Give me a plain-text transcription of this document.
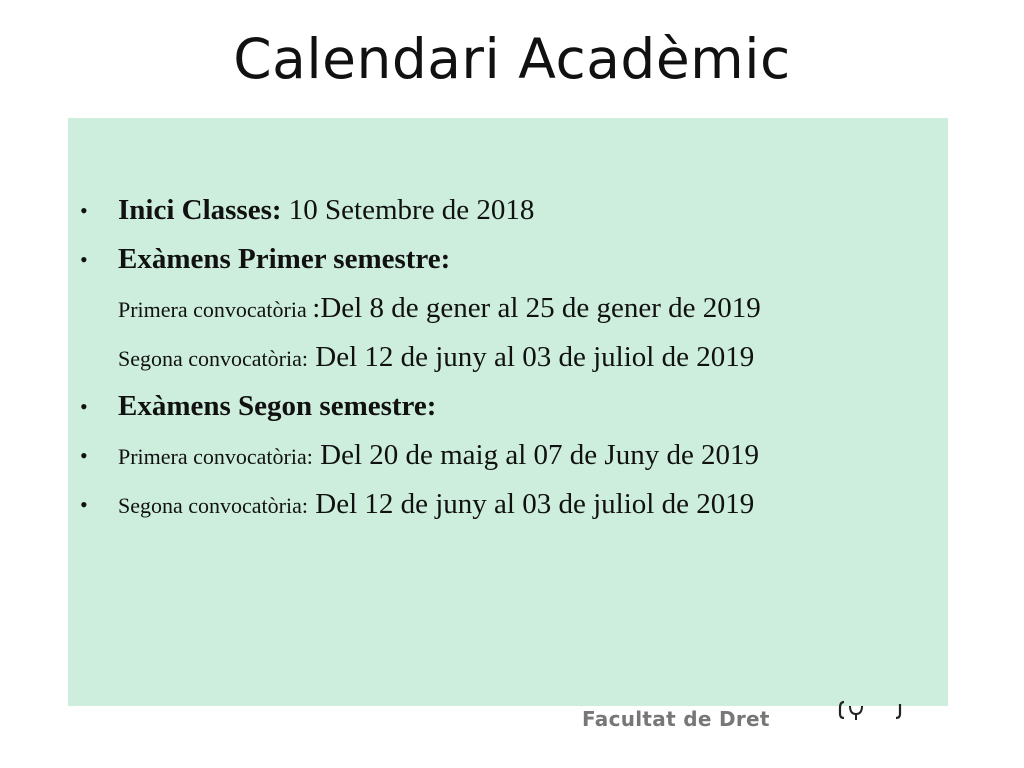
Calendari Acadèmic
• Inici Classes: 10 Setembre de 2018
• Exàmens Primer semestre:
Primera convocatòria :Del 8 de gener al 25 de gener de 2019
Segona convocatòria: Del 12 de juny al 03 de juliol de 2019
• Exàmens Segon semestre:
• Primera convocatòria: Del 20 de maig al 07 de Juny de 2019
• Segona convocatòria: Del 12 de juny al 03 de juliol de 2019
Facultat de Dret
